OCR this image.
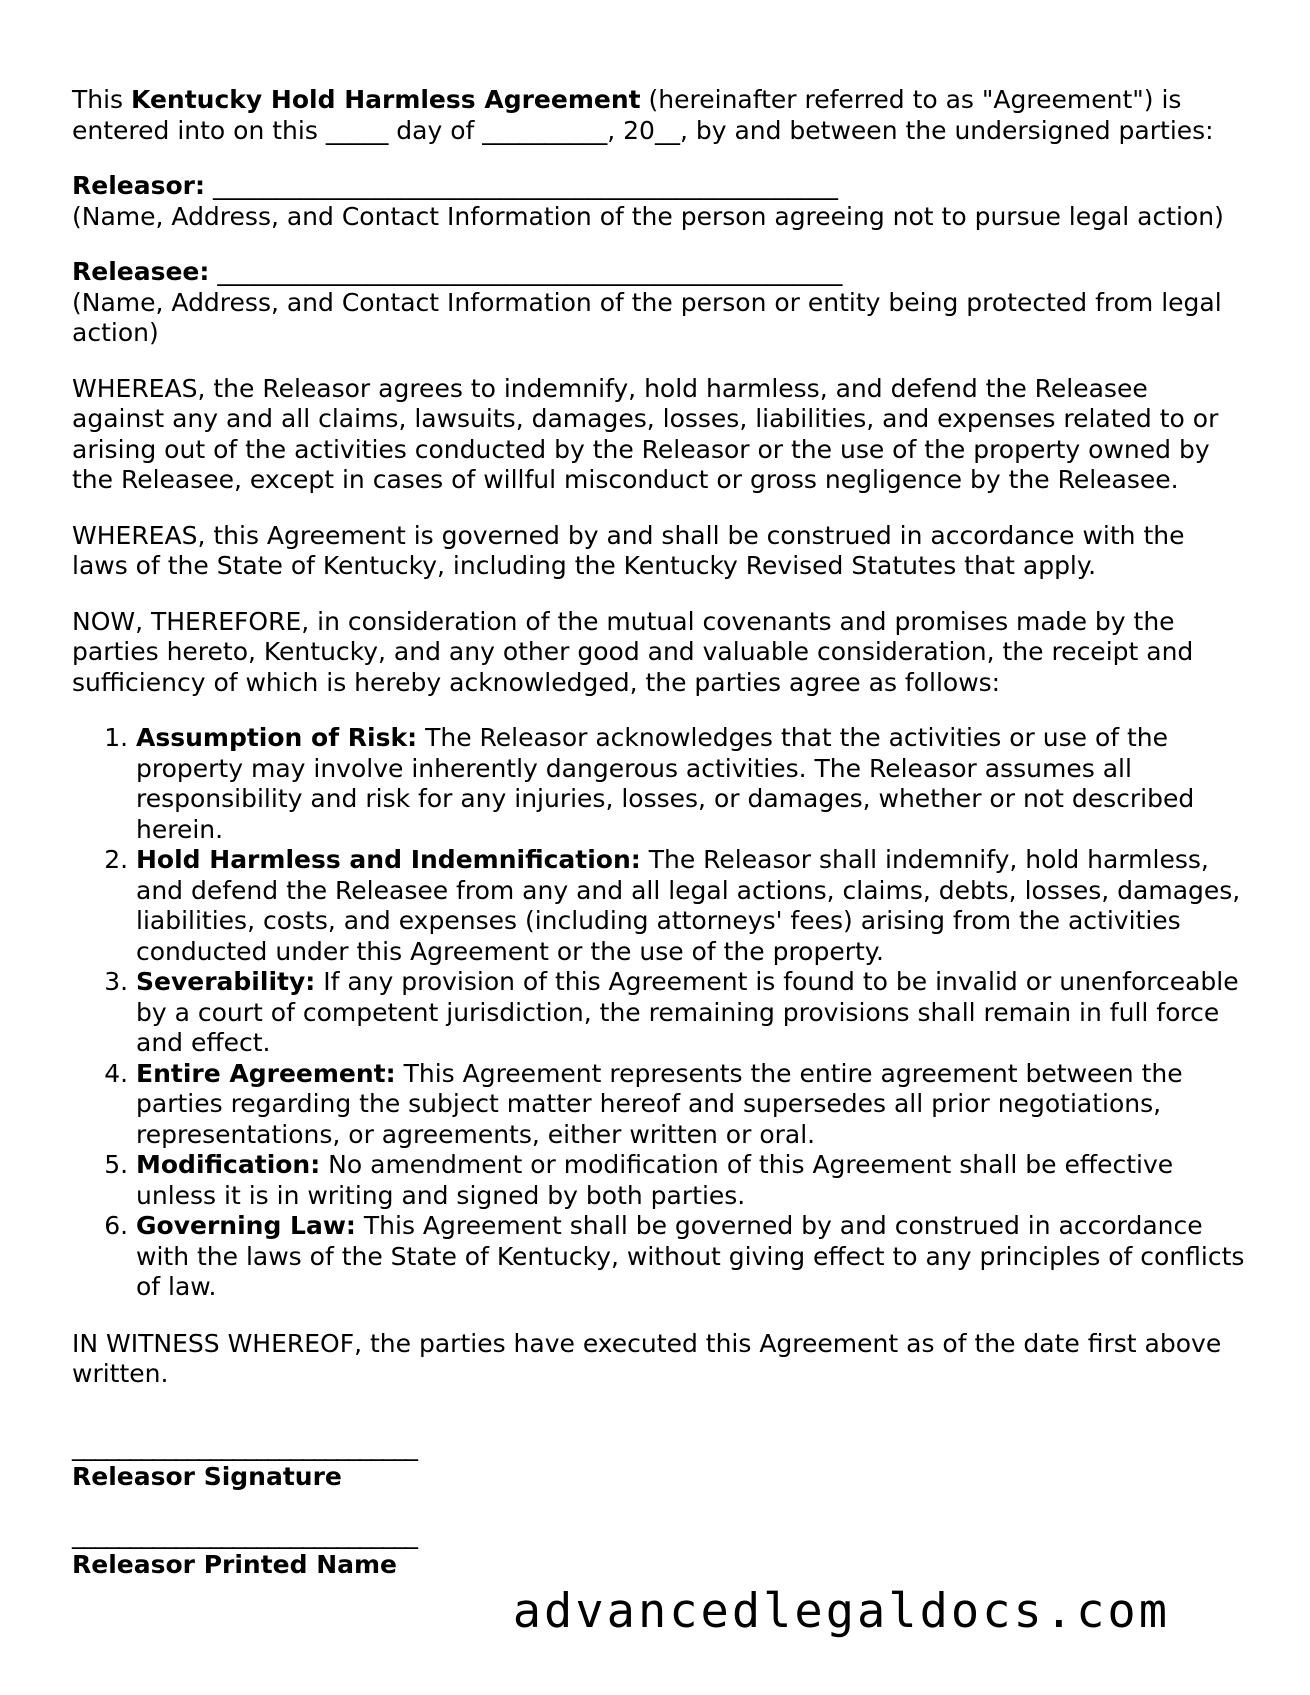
This Kentucky Hold Harmless Agreement (hereinafter referred to as "Agreement") is entered into on this _____ day of __________, 20__, by and between the undersigned parties:

Releasor: __________________________________________________

(Name, Address, and Contact Information of the person agreeing not to pursue legal action)

Releasee: __________________________________________________

(Name, Address, and Contact Information of the person or entity being protected from legal action)

WHEREAS, the Releasor agrees to indemnify, hold harmless, and defend the Releasee against any and all claims, lawsuits, damages, losses, liabilities, and expenses related to or arising out of the activities conducted by the Releasor or the use of the property owned by the Releasee, except in cases of willful misconduct or gross negligence by the Releasee.

WHEREAS, this Agreement is governed by and shall be construed in accordance with the laws of the State of Kentucky, including the Kentucky Revised Statutes that apply.

NOW, THEREFORE, in consideration of the mutual covenants and promises made by the parties hereto, Kentucky, and any other good and valuable consideration, the receipt and sufficiency of which is hereby acknowledged, the parties agree as follows:

1. Assumption of Risk: The Releasor acknowledges that the activities or use of the property may involve inherently dangerous activities. The Releasor assumes all responsibility and risk for any injuries, losses, or damages, whether or not described herein.
2. Hold Harmless and Indemnification: The Releasor shall indemnify, hold harmless, and defend the Releasee from any and all legal actions, claims, debts, losses, damages, liabilities, costs, and expenses (including attorneys' fees) arising from the activities conducted under this Agreement or the use of the property.
3. Severability: If any provision of this Agreement is found to be invalid or unenforceable by a court of competent jurisdiction, the remaining provisions shall remain in full force and effect.
4. Entire Agreement: This Agreement represents the entire agreement between the parties regarding the subject matter hereof and supersedes all prior negotiations, representations, or agreements, either written or oral.
5. Modification: No amendment or modification of this Agreement shall be effective unless it is in writing and signed by both parties.
6. Governing Law: This Agreement shall be governed by and construed in accordance with the laws of the State of Kentucky, without giving effect to any principles of conflicts of law.

IN WITNESS WHEREOF, the parties have executed this Agreement as of the date first above written.

______________________________

Releasor Signature

______________________________

Releasor Printed Name

advancedlegaldocs.com
